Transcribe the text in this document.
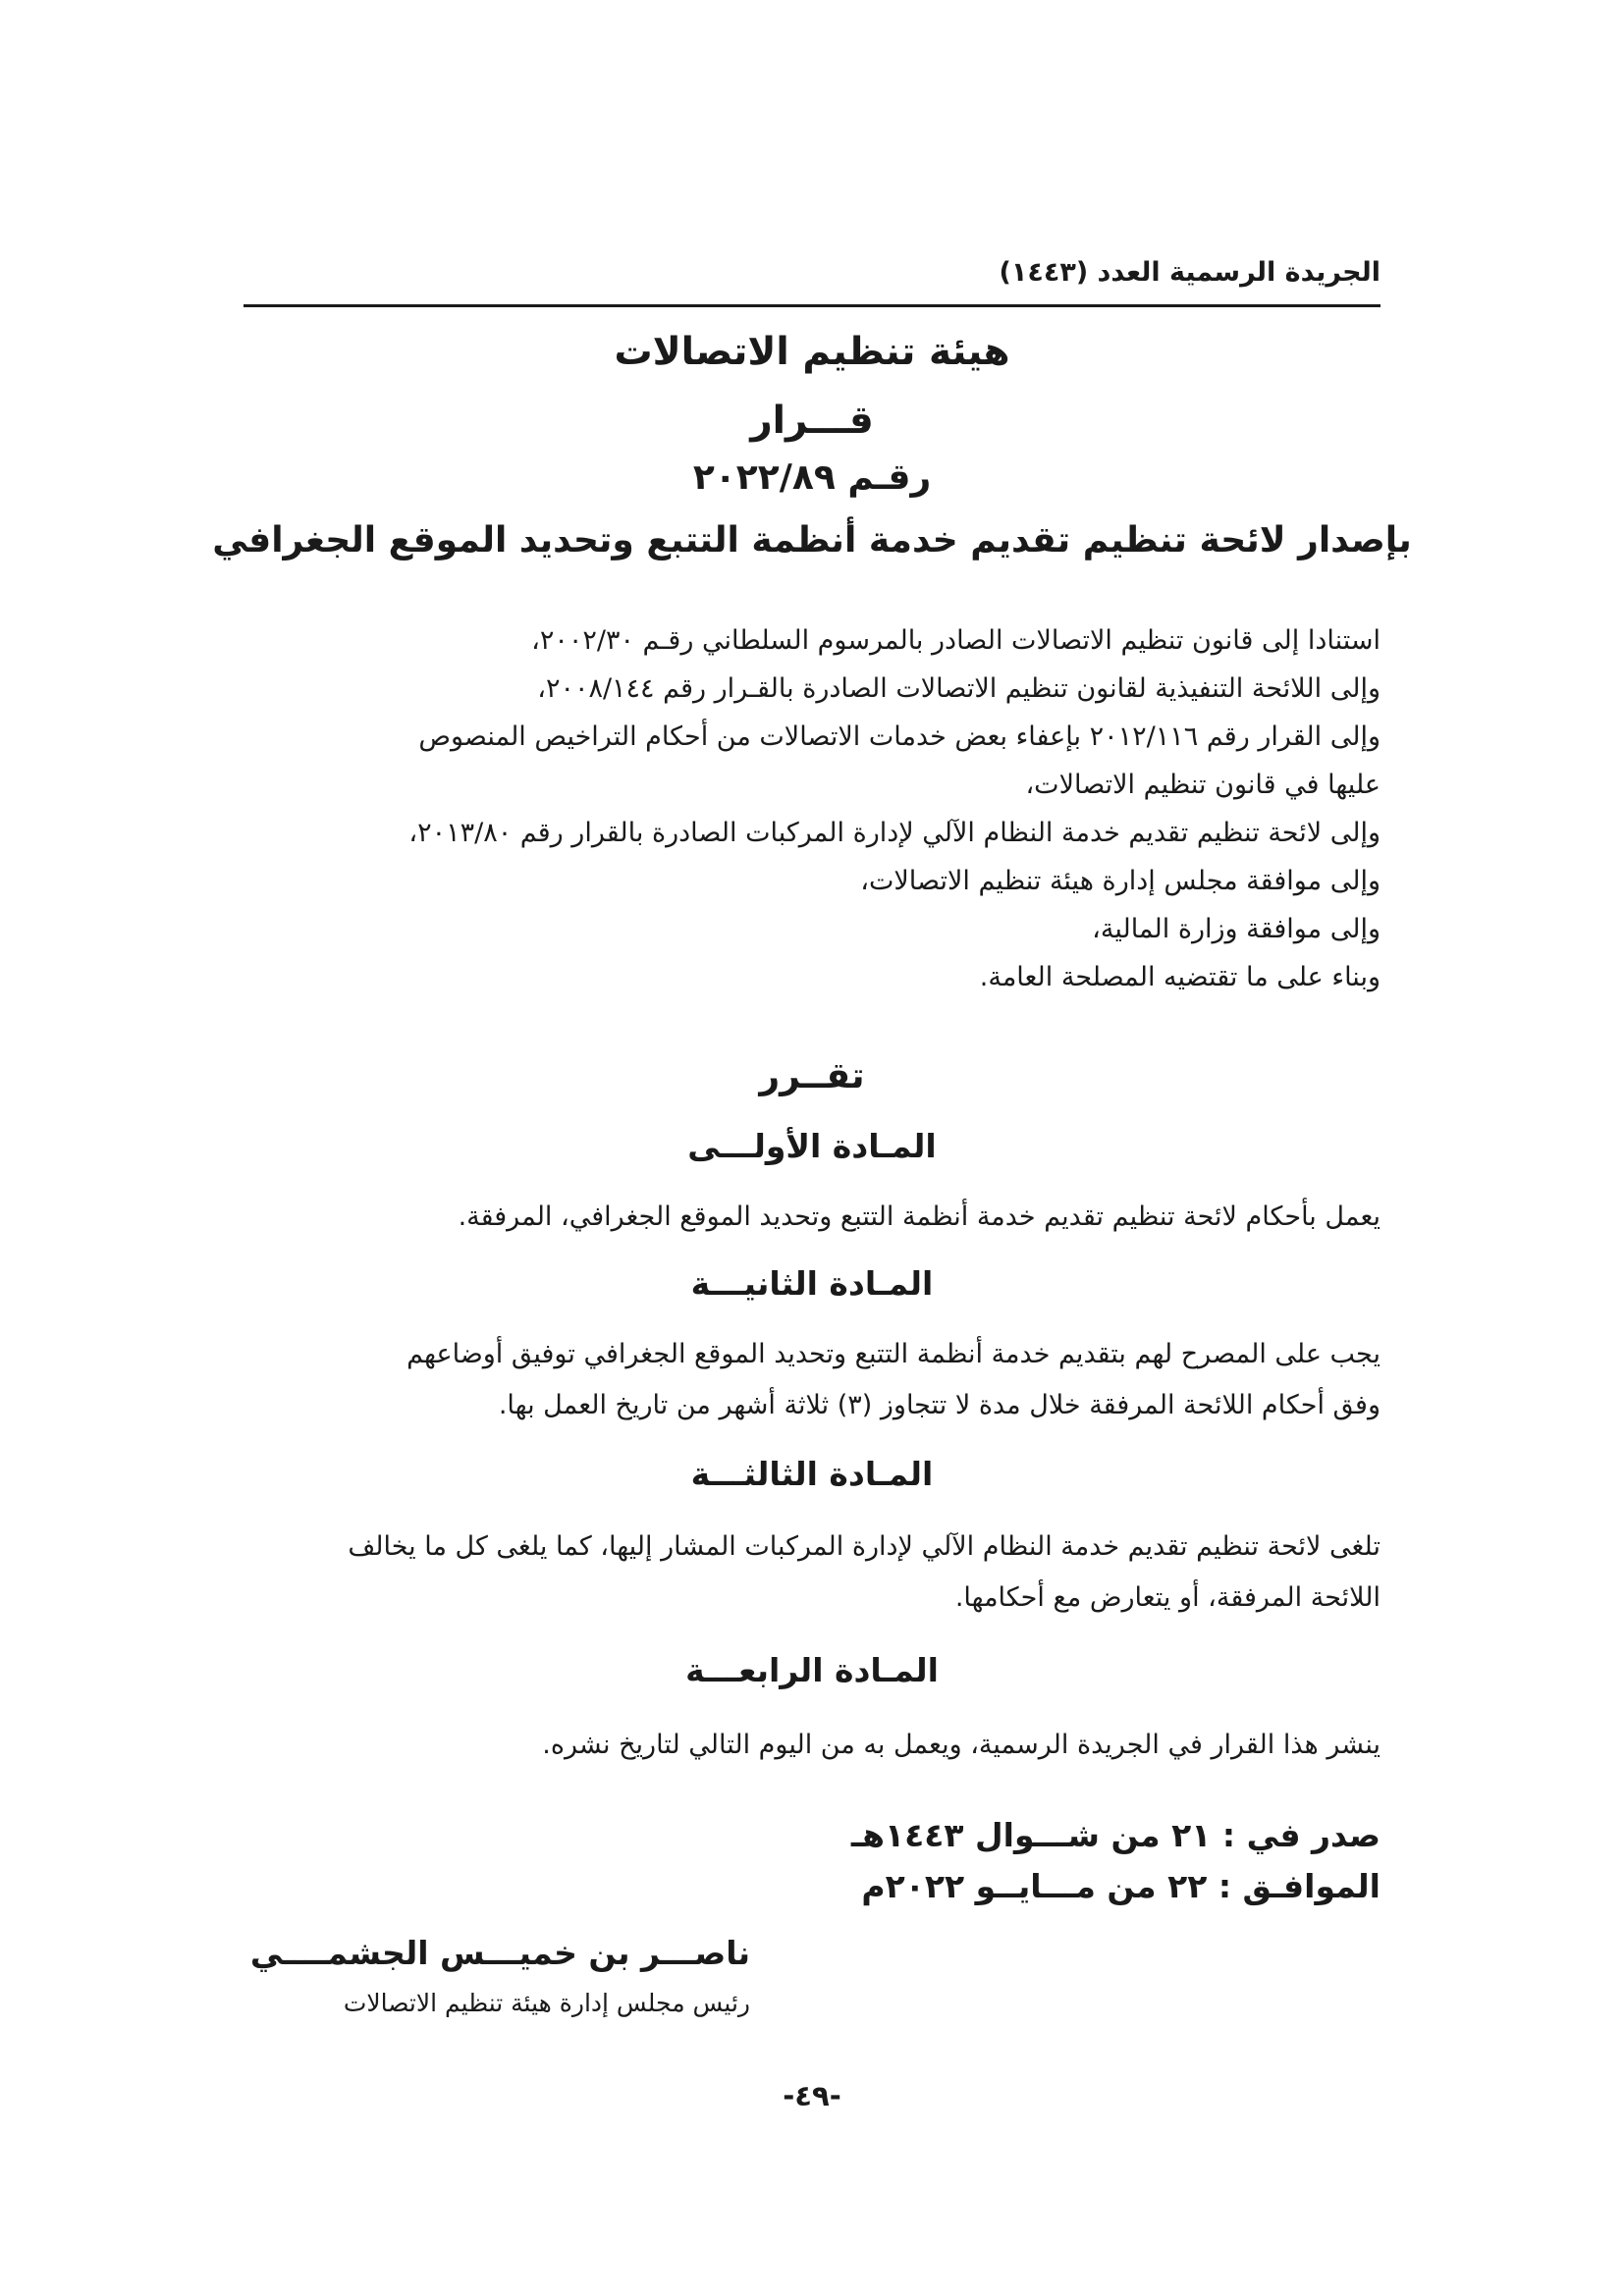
الجريدة الرسمية العدد (١٤٤٣)
هيئة تنظيم الاتصالات
قـــرار
رقـم ٢٠٢٢/٨٩
بإصدار لائحة تنظيم تقديم خدمة أنظمة التتبع وتحديد الموقع الجغرافي
استنادا إلى قانون تنظيم الاتصالات الصادر بالمرسوم السلطاني رقـم ٢٠٠٢/٣٠،
وإلى اللائحة التنفيذية لقانون تنظيم الاتصالات الصادرة بالقـرار رقم ٢٠٠٨/١٤٤،
وإلى القرار رقم ٢٠١٢/١١٦ بإعفاء بعض خدمات الاتصالات من أحكام التراخيص المنصوص
عليها في قانون تنظيم الاتصالات،
وإلى لائحة تنظيم تقديم خدمة النظام الآلي لإدارة المركبات الصادرة بالقرار رقم ٢٠١٣/٨٠،
وإلى موافقة مجلس إدارة هيئة تنظيم الاتصالات،
وإلى موافقة وزارة المالية،
وبناء على ما تقتضيه المصلحة العامة.
تقــرر
المـادة الأولـــى
يعمل بأحكام لائحة تنظيم تقديم خدمة أنظمة التتبع وتحديد الموقع الجغرافي، المرفقة.
المـادة الثانيـــة
يجب على المصرح لهم بتقديم خدمة أنظمة التتبع وتحديد الموقع الجغرافي توفيق أوضاعهم
وفق أحكام اللائحة المرفقة خلال مدة لا تتجاوز (٣) ثلاثة أشهر من تاريخ العمل بها.
المـادة الثالثـــة
تلغى لائحة تنظيم تقديم خدمة النظام الآلي لإدارة المركبات المشار إليها، كما يلغى كل ما يخالف
اللائحة المرفقة، أو يتعارض مع أحكامها.
المـادة الرابعـــة
ينشر هذا القرار في الجريدة الرسمية، ويعمل به من اليوم التالي لتاريخ نشره.
صدر في : ٢١ من شـــوال ١٤٤٣هـ
الموافـق : ٢٢ من مـــايــو ٢٠٢٢م
ناصـــر بن خميـــس الجشمــــي
رئيس مجلس إدارة هيئة تنظيم الاتصالات
-٤٩-
